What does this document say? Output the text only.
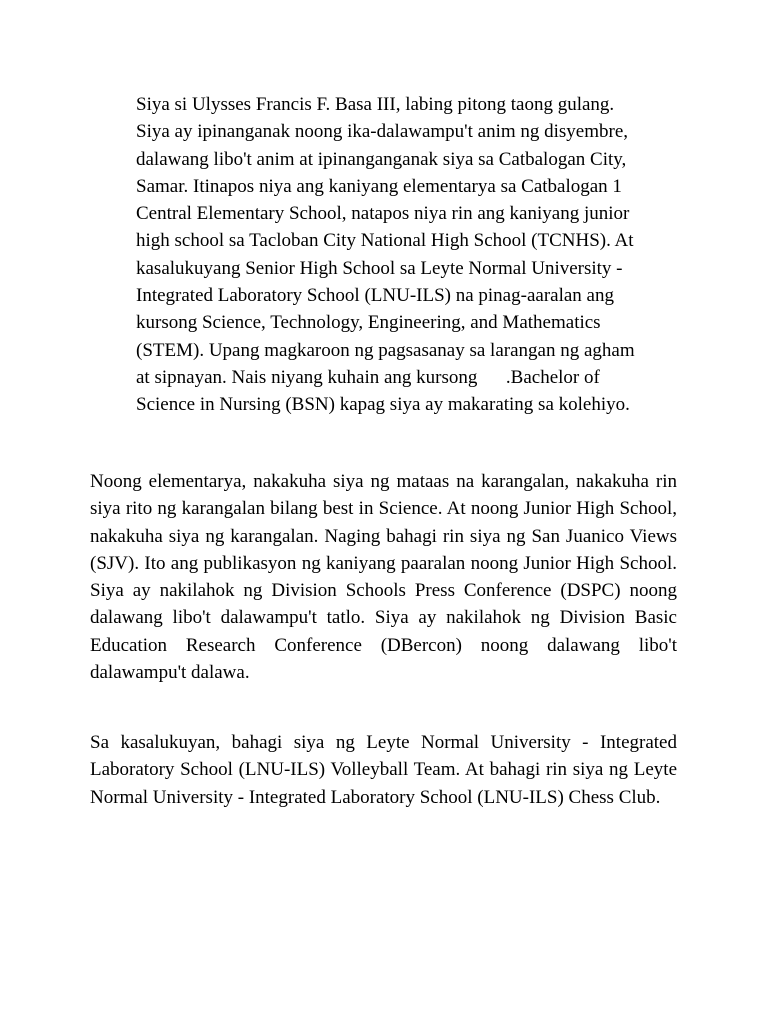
Siya si Ulysses Francis F. Basa III, labing pitong taong gulang.
Siya ay ipinanganak noong ika-dalawampu't anim ng disyembre,
dalawang libo't anim at ipinanganganak siya sa Catbalogan City,
Samar. Itinapos niya ang kaniyang elementarya sa Catbalogan 1
Central Elementary School, natapos niya rin ang kaniyang junior
high school sa Tacloban City National High School (TCNHS). At
kasalukuyang Senior High School sa Leyte Normal University -
Integrated Laboratory School (LNU-ILS) na pinag-aaralan ang
kursong Science, Technology, Engineering, and Mathematics
(STEM). Upang magkaroon ng pagsasanay sa larangan ng agham
at sipnayan. Nais niyang kuhain ang kursong      .Bachelor of
Science in Nursing (BSN) kapag siya ay makarating sa kolehiyo.

Noong elementarya, nakakuha siya ng mataas na karangalan, nakakuha rin siya rito ng karangalan bilang best in Science. At noong Junior High School, nakakuha siya ng karangalan. Naging bahagi rin siya ng San Juanico Views (SJV). Ito ang publikasyon ng kaniyang paaralan noong Junior High School. Siya ay nakilahok ng Division Schools Press Conference (DSPC) noong dalawang libo't dalawampu't tatlo. Siya ay nakilahok ng Division Basic Education Research Conference (DBercon) noong dalawang libo't dalawampu't dalawa.

Sa kasalukuyan, bahagi siya ng Leyte Normal University - Integrated Laboratory School (LNU-ILS) Volleyball Team. At bahagi rin siya ng Leyte Normal University - Integrated Laboratory School (LNU-ILS) Chess Club.
